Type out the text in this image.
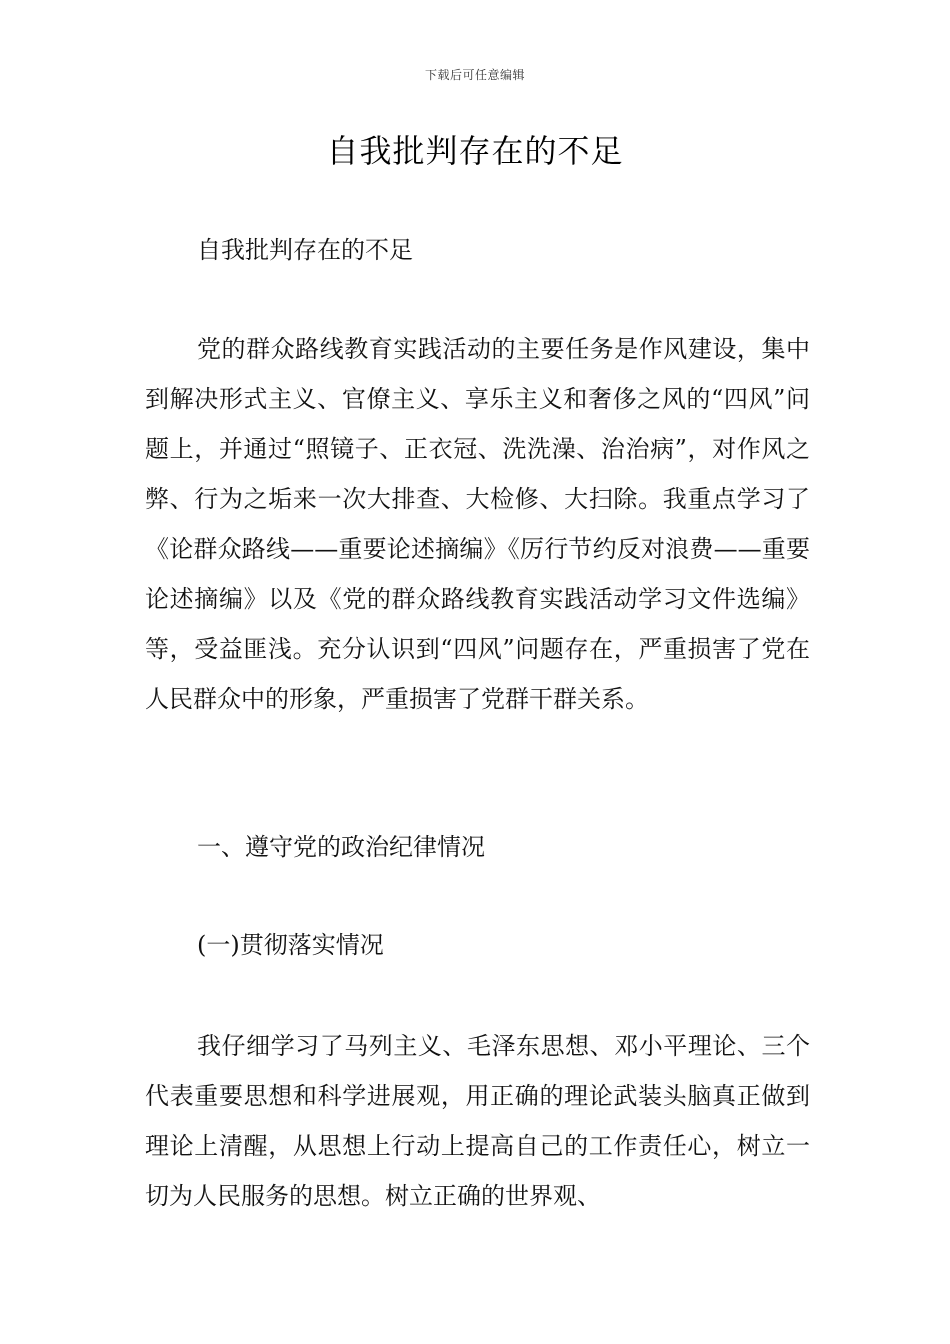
下载后可任意编辑
自我批判存在的不足
自我批判存在的不足
党的群众路线教育实践活动的主要任务是作风建设，集中到解决形式主义、官僚主义、享乐主义和奢侈之风的“四风”问题上，并通过“照镜子、正衣冠、洗洗澡、治治病”，对作风之弊、行为之垢来一次大排查、大检修、大扫除。我重点学习了《论群众路线——重要论述摘编》《厉行节约反对浪费——重要论述摘编》以及《党的群众路线教育实践活动学习文件选编》等，受益匪浅。充分认识到“四风”问题存在，严重损害了党在人民群众中的形象，严重损害了党群干群关系。
一、遵守党的政治纪律情况
(一)贯彻落实情况
我仔细学习了马列主义、毛泽东思想、邓小平理论、三个代表重要思想和科学进展观，用正确的理论武装头脑真正做到理论上清醒，从思想上行动上提高自己的工作责任心，树立一切为人民服务的思想。树立正确的世界观、
